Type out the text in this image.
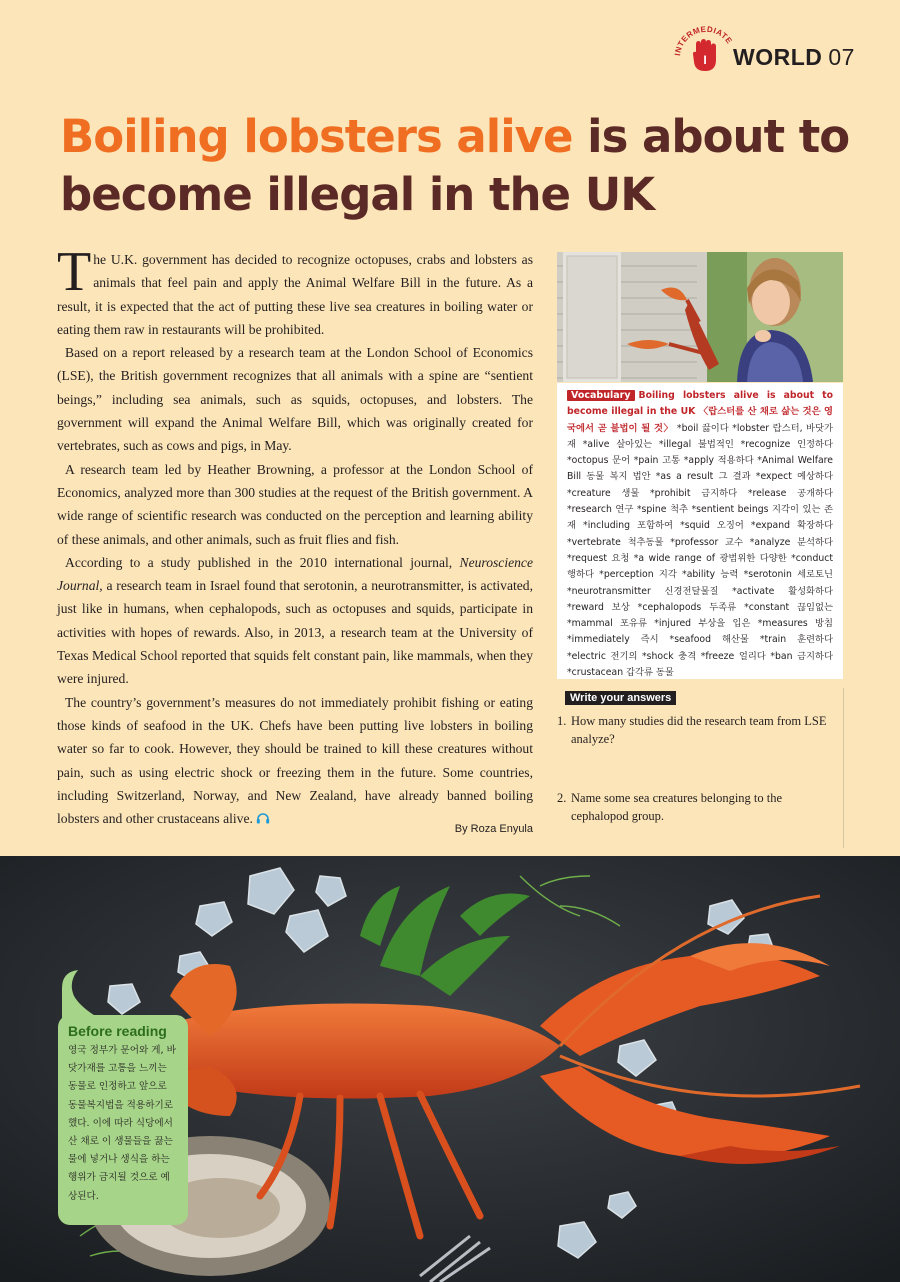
INTERMEDIATE
I WORLD 07
Boiling lobsters alive is about to become illegal in the UK

The U.K. government has decided to recognize octopuses, crabs and lobsters as animals that feel pain and apply the Animal Welfare Bill in the future. As a result, it is expected that the act of putting these live sea creatures in boiling water or eating them raw in restaurants will be prohibited.

Based on a report released by a research team at the London School of Economics (LSE), the British government recognizes that all animals with a spine are “sentient beings,” including sea animals, such as squids, octopuses, and lobsters. The government will expand the Animal Welfare Bill, which was originally created for vertebrates, such as cows and pigs, in May.

A research team led by Heather Browning, a professor at the London School of Economics, analyzed more than 300 studies at the request of the British government. A wide range of scientific research was conducted on the perception and learning ability of these animals, and other animals, such as fruit flies and fish.

According to a study published in the 2010 international journal, Neuroscience Journal, a research team in Israel found that serotonin, a neurotransmitter, is activated, just like in humans, when cephalopods, such as octopuses and squids, participate in activities with hopes of rewards. Also, in 2013, a research team at the University of Texas Medical School reported that squids felt constant pain, like mammals, when they were injured.

The country’s government’s measures do not immediately prohibit fishing or eating those kinds of seafood in the UK. Chefs have been putting live lobsters in boiling water so far to cook. However, they should be trained to kill these creatures without pain, such as using electric shock or freezing them in the future. Some countries, including Switzerland, Norway, and New Zealand, have already banned boiling lobsters and other crustaceans alive.

By Roza Enyula
Vocabulary Boiling lobsters alive is about to become illegal in the UK 〈랍스터를 산 채로 삶는 것은 영국에서 곧 불법이 될 것〉 *boil 끓이다 *lobster 랍스터, 바닷가재 *alive 살아있는 *illegal 불법적인 *recognize 인정하다 *octopus 문어 *pain 고통 *apply 적용하다 *Animal Welfare Bill 동물 복지 법안 *as a result 그 결과 *expect 예상하다 *creature 생물 *prohibit 금지하다 *release 공개하다 *research 연구 *spine 척추 *sentient beings 지각이 있는 존재 *including 포함하여 *squid 오징어 *expand 확장하다 *vertebrate 척추동물 *professor 교수 *analyze 분석하다 *request 요청 *a wide range of 광범위한 다양한 *conduct 행하다 *perception 지각 *ability 능력 *serotonin 세로토닌 *neurotransmitter 신경전달물질 *activate 활성화하다 *reward 보상 *cephalopods 두족류 *constant 끊임없는 *mammal 포유류 *injured 부상을 입은 *measures 방침 *immediately 즉시 *seafood 해산물 *train 훈련하다 *electric 전기의 *shock 충격 *freeze 얼리다 *ban 금지하다 *crustacean 갑각류 동물
Write your answers
1. How many studies did the research team from LSE analyze?
2. Name some sea creatures belonging to the cephalopod group.
Before reading
영국 정부가 문어와 게, 바닷가재를 고통을 느끼는 동물로 인정하고 앞으로 동물복지법을 적용하기로 했다. 이에 따라 식당에서 산 채로 이 생물들을 끓는 물에 넣거나 생식을 하는 행위가 금지될 것으로 예상된다.
